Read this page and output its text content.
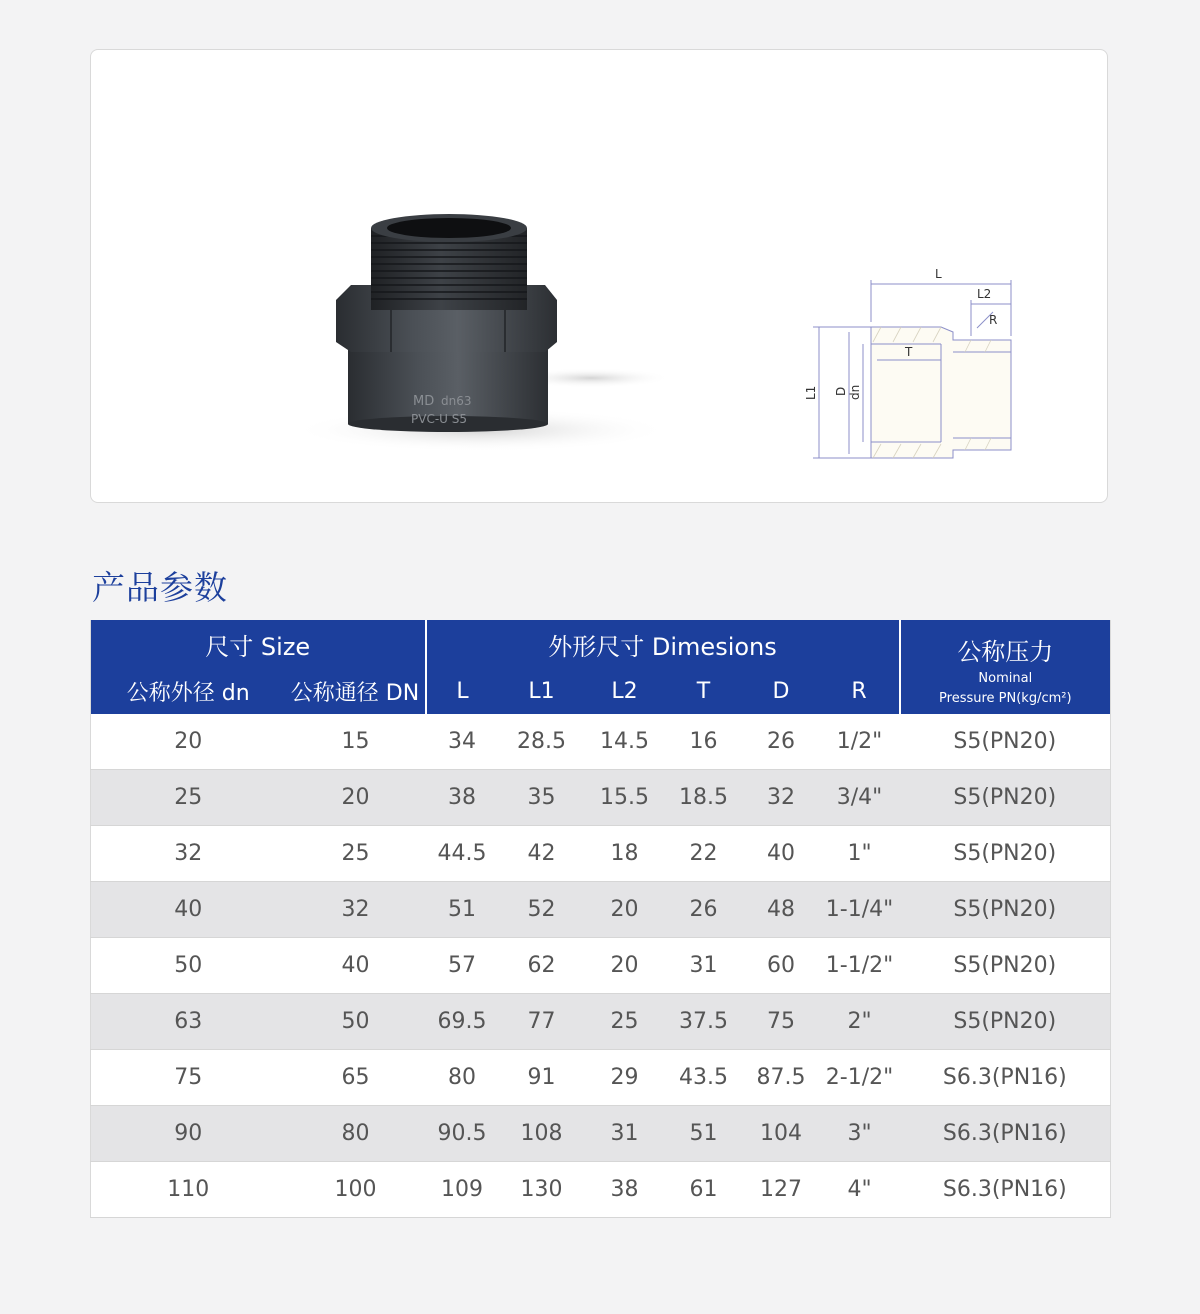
MD dn63
PVC-U S5
L
L2
R
T
L1 D dn
产品参数
尺寸 Size		外形尺寸 Dimesions						公称压力
Nominal
Pressure PN(kg/cm²)

公称外径 dn	公称通径 DN	L	L1	L2	T	D	R	
20	15	34	28.5	14.5	16	26	1/2"	S5(PN20)
25	20	38	35	15.5	18.5	32	3/4"	S5(PN20)
32	25	44.5	42	18	22	40	1"	S5(PN20)
40	32	51	52	20	26	48	1-1/4"	S5(PN20)
50	40	57	62	20	31	60	1-1/2"	S5(PN20)
63	50	69.5	77	25	37.5	75	2"	S5(PN20)
75	65	80	91	29	43.5	87.5	2-1/2"	S6.3(PN16)
90	80	90.5	108	31	51	104	3"	S6.3(PN16)
110	100	109	130	38	61	127	4"	S6.3(PN16)
